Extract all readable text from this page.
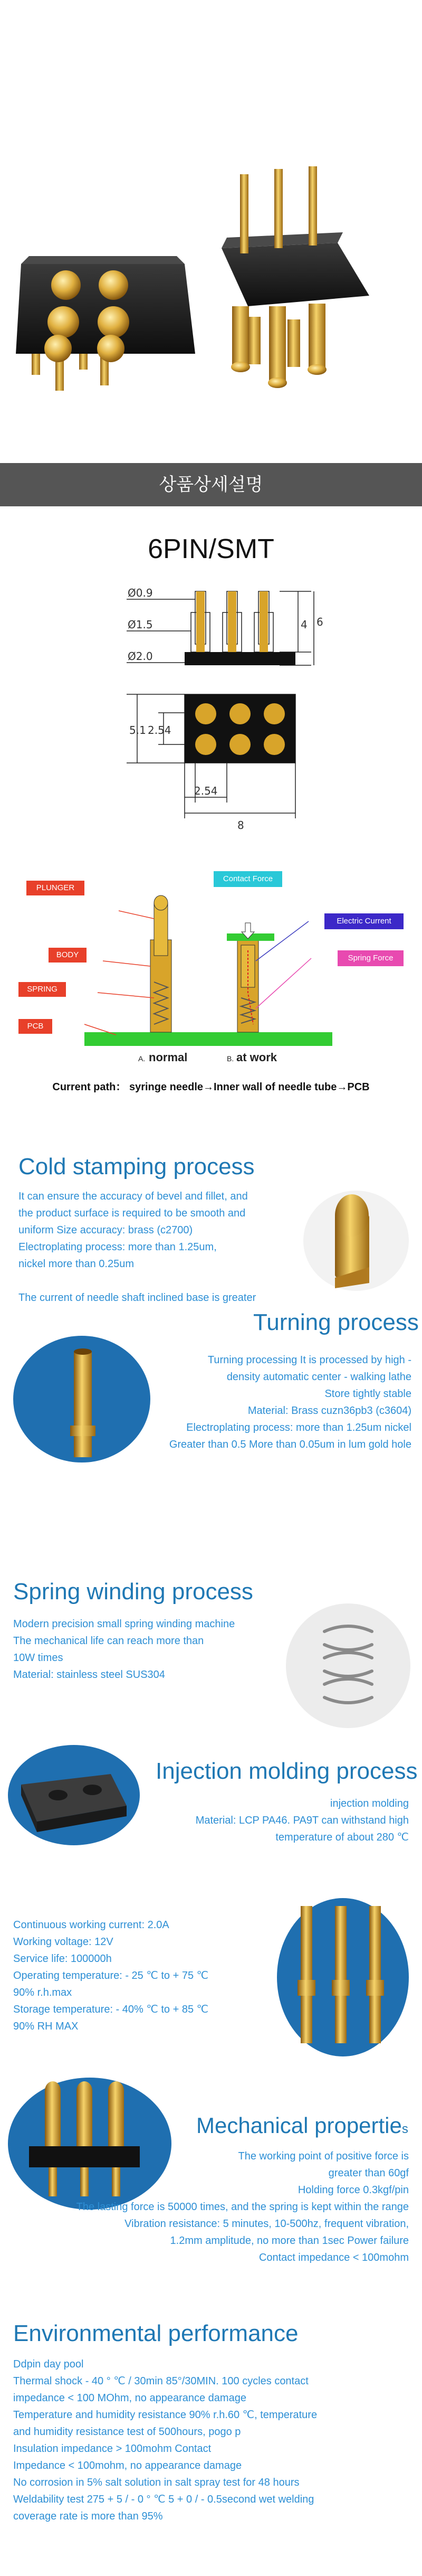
상품상세설명
6PIN/SMT
Ø0.9
Ø1.5
Ø2.0
4 6
5.1 2.54
2.54
8
A. normal	B. at work
PLUNGER
BODY
SPRING
PCB
Contact Force
Electric Current
Spring Force
Current path： syringe needle→Inner wall of needle tube→PCB
Cold stamping process
It can ensure the accuracy of bevel and fillet, and
the product surface is required to be smooth and
uniform Size accuracy: brass (c2700)
Electroplating process: more than 1.25um,
nickel more than 0.25um
The current of needle shaft inclined base is greater
Turning process
Turning processing It is processed by high -
density automatic center - walking lathe
Store tightly stable
Material: Brass cuzn36pb3 (c3604)
Electroplating process: more than 1.25um nickel
Greater than 0.5 More than 0.05um in lum gold hole
Spring winding process
Modern precision small spring winding machine
The mechanical life can reach more than
10W times
Material: stainless steel SUS304
Injection molding process
injection molding
Material: LCP PA46. PA9T can withstand high
temperature of about 280 ℃
Continuous working current: 2.0A
Working voltage: 12V
Service life: 100000h
Operating temperature: - 25 ℃ to + 75 ℃
90% r.h.max
Storage temperature: - 40% ℃ to + 85 ℃
90% RH MAX
Mechanical properties
The working point of positive force is
greater than 60gf
Holding force 0.3kgf/pin
The lasting force is 50000 times, and the spring is kept within the range
Vibration resistance: 5 minutes, 10-500hz, frequent vibration,
1.2mm amplitude, no more than 1sec Power failure
Contact impedance < 100mohm
Environmental performance
Ddpin day pool
Thermal shock - 40 ° ℃ / 30min 85°/30MIN. 100 cycles contact
impedance < 100 MOhm, no appearance damage
Temperature and humidity resistance 90% r.h.60 ℃, temperature
and humidity resistance test of 500hours, pogo p
Insulation impedance > 100mohm Contact
Impedance < 100mohm, no appearance damage
No corrosion in 5% salt solution in salt spray test for 48 hours
Weldability test 275 + 5 / - 0 ° ℃ 5 + 0 / - 0.5second wet welding
coverage rate is more than 95%
